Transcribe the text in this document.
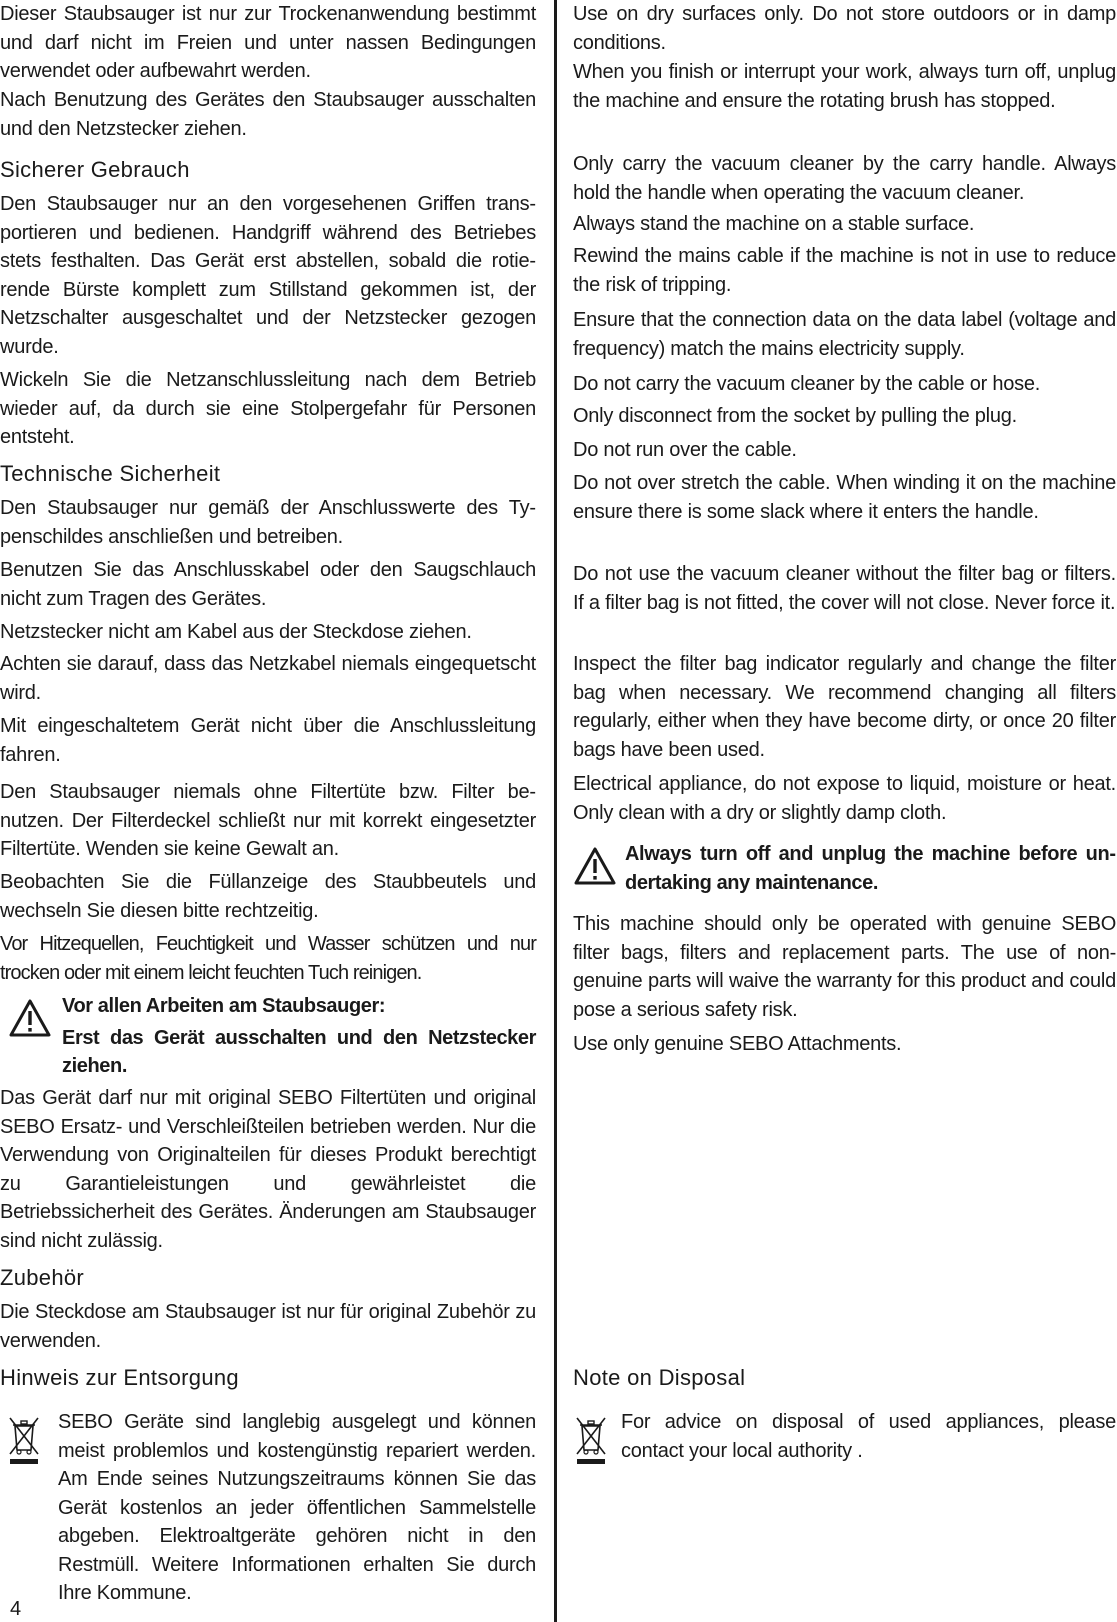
Dieser Staubsauger ist nur zur Trockenanwendung bestimmt und darf nicht im Freien und unter nassen Bedingungen verwendet oder aufbewahrt werden.

Nach Benutzung des Gerätes den Staubsauger ausschalten und den Netzstecker ziehen.

Sicherer Gebrauch

Den Staubsauger nur an den vorgesehenen Griffen transportieren und bedienen. Handgriff während des Betriebes stets festhalten. Das Gerät erst abstellen, sobald die rotierende Bürste komplett zum Stillstand gekommen ist, der Netzschalter ausgeschaltet und der Netzstecker gezogen wurde.

Wickeln Sie die Netzanschlussleitung nach dem Betrieb wieder auf, da durch sie eine Stolpergefahr für Personen entsteht.

Technische Sicherheit

Den Staubsauger nur gemäß der Anschlusswerte des Typenschildes anschließen und betreiben.

Benutzen Sie das Anschlusskabel oder den Saugschlauch nicht zum Tragen des Gerätes.

Netzstecker nicht am Kabel aus der Steckdose ziehen.

Achten sie darauf, dass das Netzkabel niemals eingequetscht wird.

Mit eingeschaltetem Gerät nicht über die Anschlussleitung fahren.

Den Staubsauger niemals ohne Filtertüte bzw. Filter benutzen. Der Filterdeckel schließt nur mit korrekt eingesetzter Filtertüte. Wenden sie keine Gewalt an.

Beobachten Sie die Füllanzeige des Staubbeutels und wechseln Sie diesen bitte rechtzeitig.

Vor Hitzequellen, Feuchtigkeit und Wasser schützen und nur trocken oder mit einem leicht feuchten Tuch reinigen.

Vor allen Arbeiten am Staubsauger:
Erst das Gerät ausschalten und den Netzstecker ziehen.

Das Gerät darf nur mit original SEBO Filtertüten und original SEBO Ersatz- und Verschleißteilen betrieben werden. Nur die Verwendung von Originalteilen für dieses Produkt berechtigt zu Garantieleistungen und gewährleistet die Betriebssicherheit des Gerätes. Änderungen am Staubsauger sind nicht zulässig.

Zubehör

Die Steckdose am Staubsauger ist nur für original Zubehör zu verwenden.

Hinweis zur Entsorgung

SEBO Geräte sind langlebig ausgelegt und können meist problemlos und kostengünstig repariert werden. Am Ende seines Nutzungszeitraums können Sie das Gerät kostenlos an jeder öffentlichen Sammelstelle abgeben. Elektroaltgeräte gehören nicht in den Restmüll. Weitere Informationen erhalten Sie durch Ihre Kommune.

Use on dry surfaces only. Do not store outdoors or in damp conditions.

When you finish or interrupt your work, always turn off, unplug the machine and ensure the rotating brush has stopped.

Only carry the vacuum cleaner by the carry handle. Always hold the handle when operating the vacuum cleaner.

Always stand the machine on a stable surface.

Rewind the mains cable if the machine is not in use to reduce the risk of tripping.

Ensure that the connection data on the data label (voltage and frequency) match the mains electricity supply.

Do not carry the vacuum cleaner by the cable or hose.

Only disconnect from the socket by pulling the plug.

Do not run over the cable.

Do not over stretch the cable. When winding it on the machine ensure there is some slack where it enters the handle.

Do not use the vacuum cleaner without the filter bag or filters. If a filter bag is not fitted, the cover will not close. Never force it.

Inspect the filter bag indicator regularly and change the filter bag when necessary. We recommend changing all filters regularly, either when they have become dirty, or once 20 filter bags have been used.

Electrical appliance, do not expose to liquid, moisture or heat. Only clean with a dry or slightly damp cloth.

Always turn off and unplug the machine before undertaking any maintenance.

This machine should only be operated with genuine SEBO filter bags, filters and replacement parts. The use of non-genuine parts will waive the warranty for this product and could pose a serious safety risk.

Use only genuine SEBO Attachments.

Note on Disposal

For advice on disposal of used appliances, please contact your local authority .

4
